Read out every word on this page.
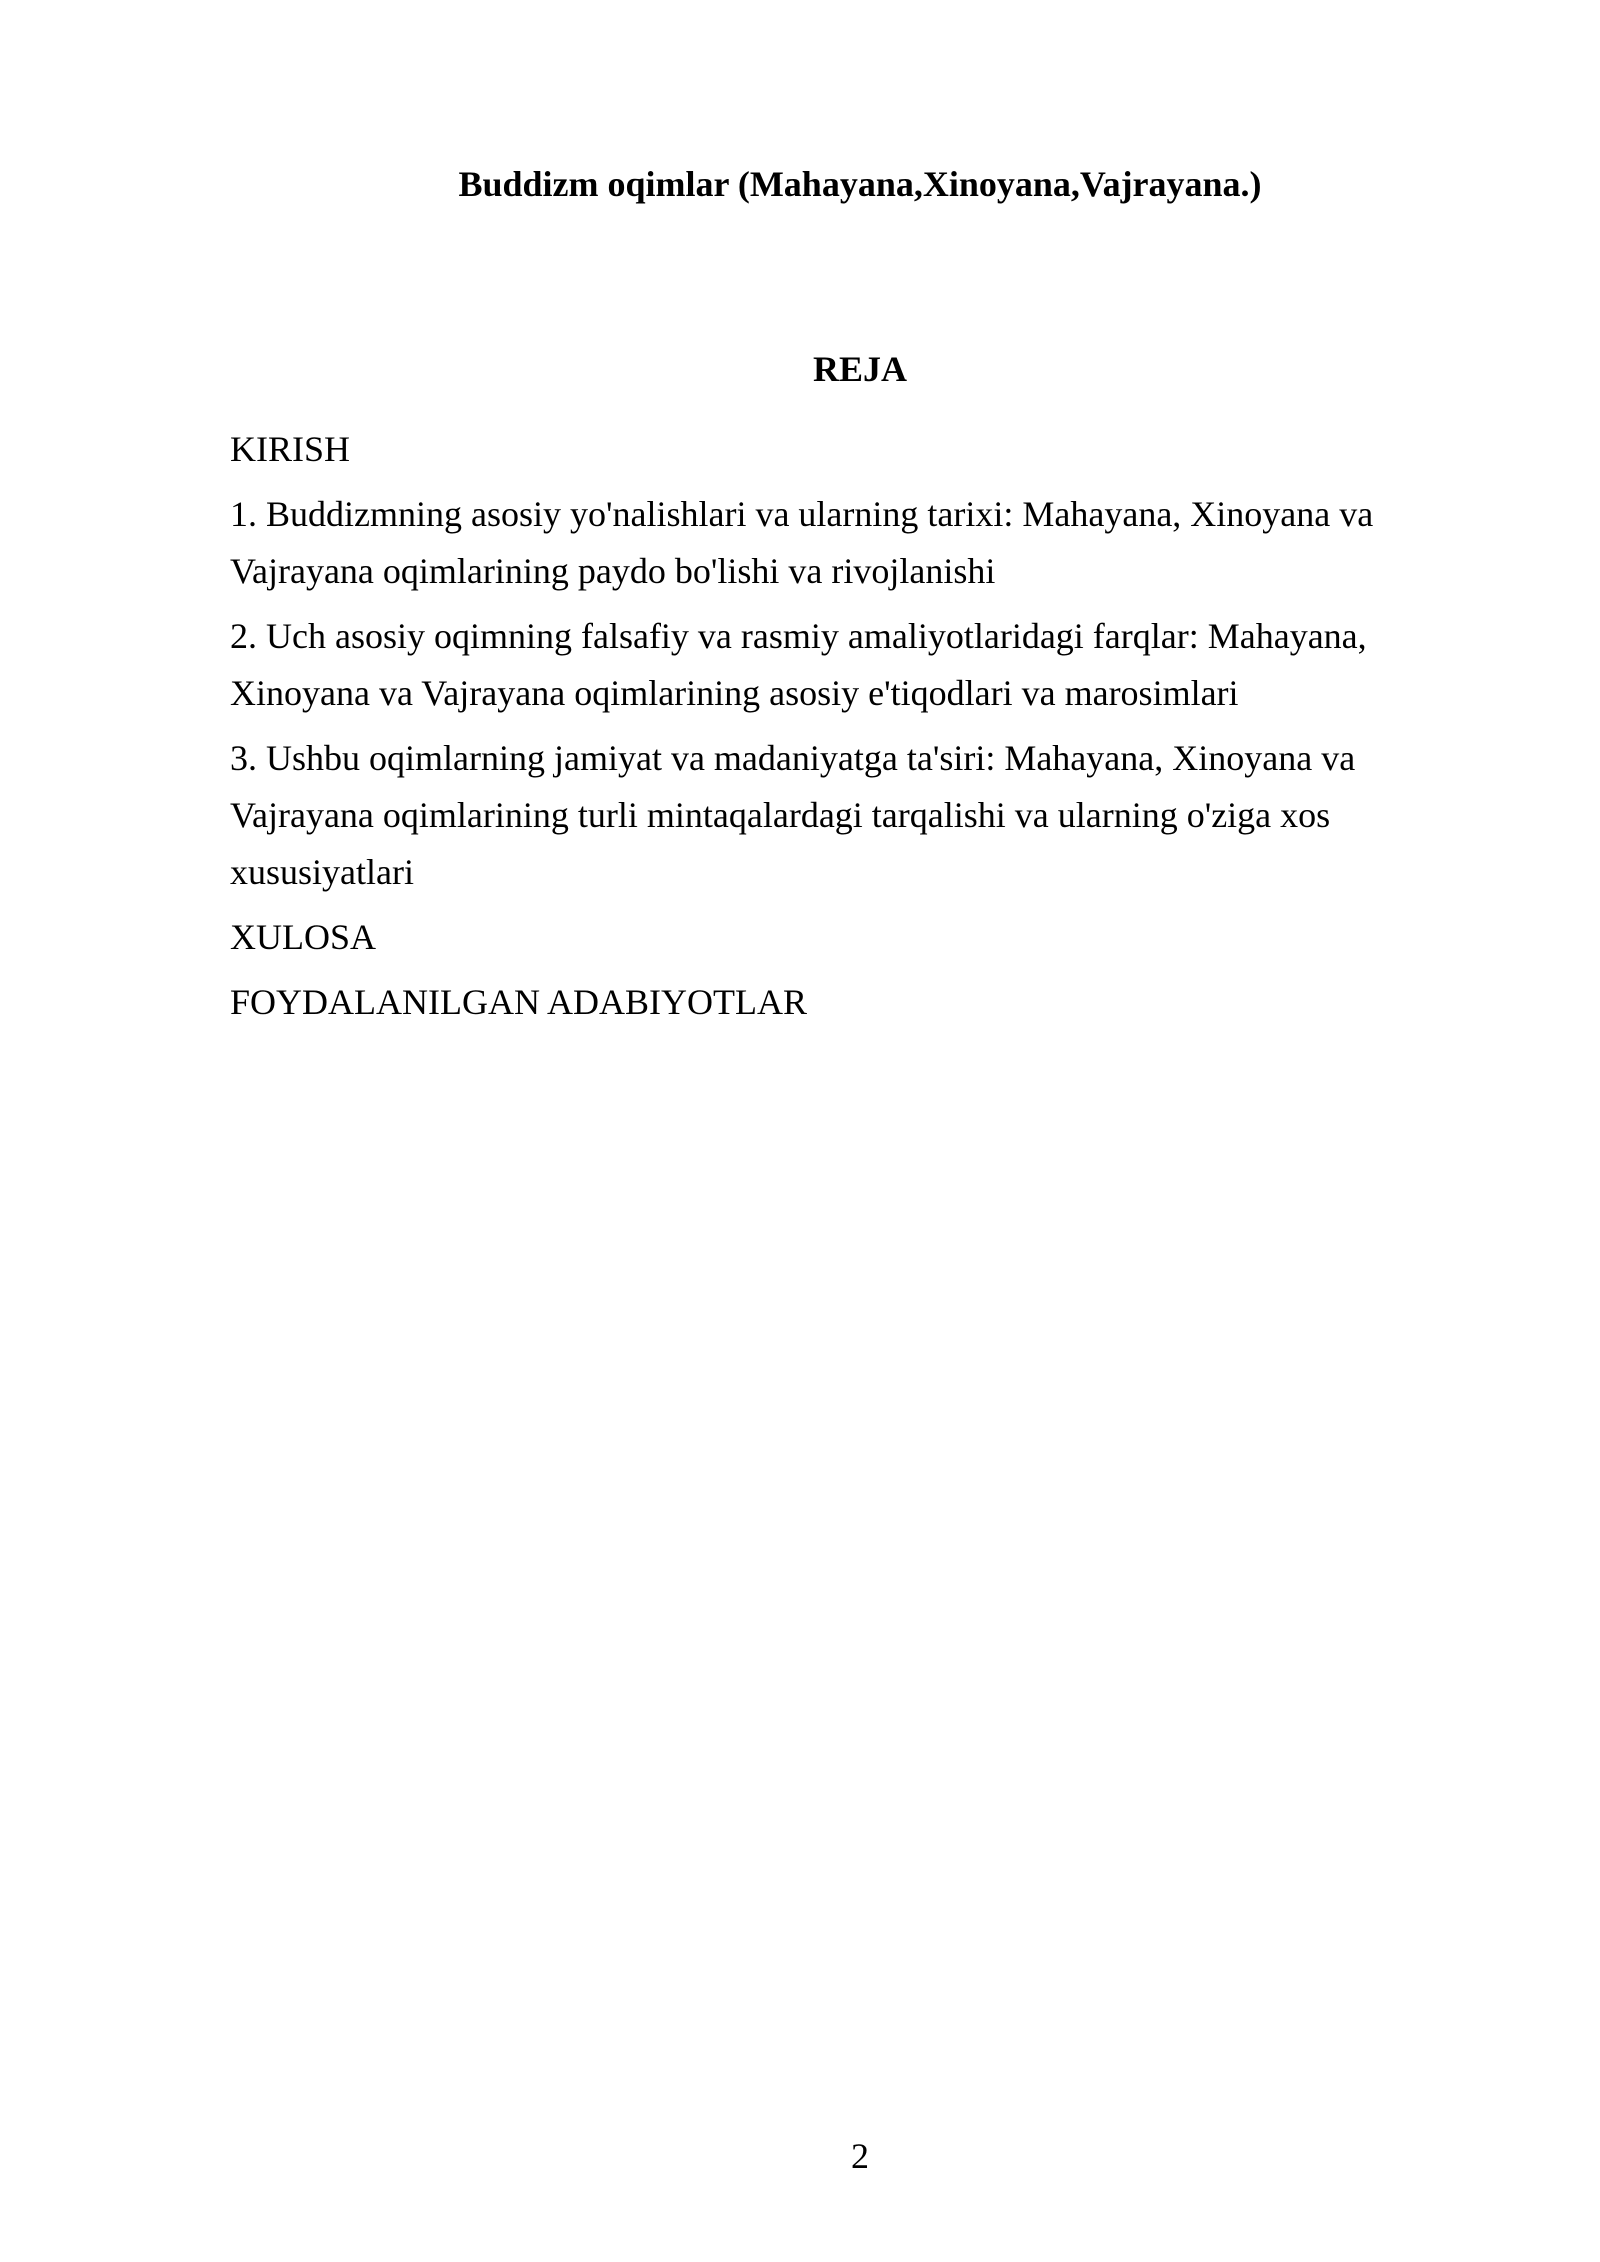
Buddizm oqimlar (Mahayana,Xinoyana,Vajrayana.)
REJA
KIRISH
1. Buddizmning asosiy yo'nalishlari va ularning tarixi: Mahayana, Xinoyana va Vajrayana oqimlarining paydo bo'lishi va rivojlanishi
2. Uch asosiy oqimning falsafiy va rasmiy amaliyotlaridagi farqlar: Mahayana, Xinoyana va Vajrayana oqimlarining asosiy e'tiqodlari va marosimlari
3. Ushbu oqimlarning jamiyat va madaniyatga ta'siri: Mahayana, Xinoyana va Vajrayana oqimlarining turli mintaqalardagi tarqalishi va ularning o'ziga xos xususiyatlari
XULOSA
FOYDALANILGAN ADABIYOTLAR
2
